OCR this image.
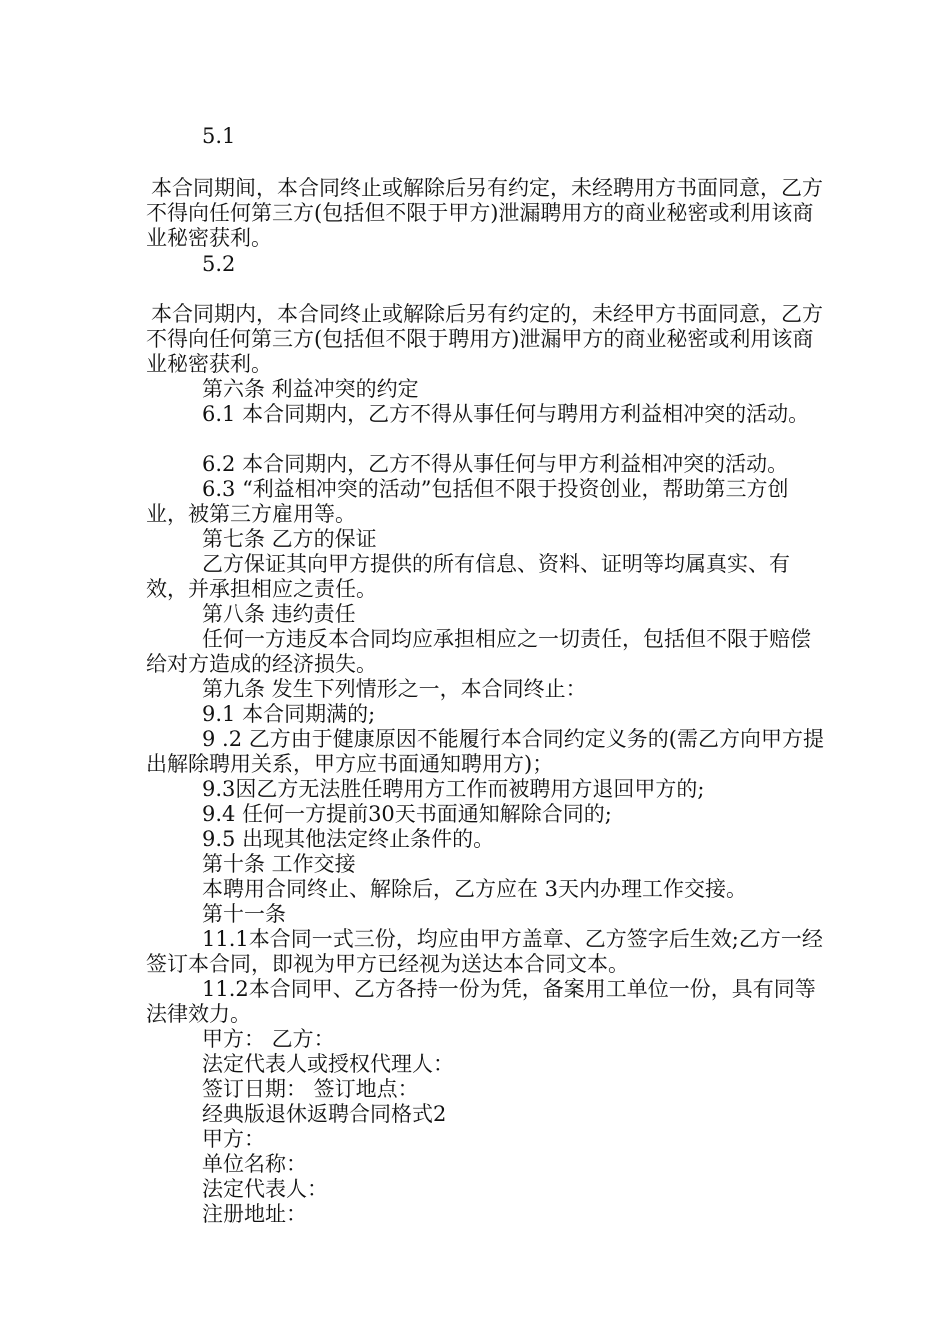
5.1

本合同期间，本合同终止或解除后另有约定，未经聘用方书面同意，乙方不得向任何第三方(包括但不限于甲方)泄漏聘用方的商业秘密或利用该商业秘密获利。

5.2

本合同期内，本合同终止或解除后另有约定的，未经甲方书面同意，乙方不得向任何第三方(包括但不限于聘用方)泄漏甲方的商业秘密或利用该商业秘密获利。

第六条 利益冲突的约定

6.1 本合同期内，乙方不得从事任何与聘用方利益相冲突的活动。

6.2 本合同期内，乙方不得从事任何与甲方利益相冲突的活动。

6.3 “利益相冲突的活动”包括但不限于投资创业，帮助第三方创业，被第三方雇用等。

第七条 乙方的保证

乙方保证其向甲方提供的所有信息、资料、证明等均属真实、有效，并承担相应之责任。

第八条 违约责任

任何一方违反本合同均应承担相应之一切责任，包括但不限于赔偿给对方造成的经济损失。

第九条 发生下列情形之一，本合同终止：

9.1 本合同期满的;

9 .2 乙方由于健康原因不能履行本合同约定义务的(需乙方向甲方提出解除聘用关系，甲方应书面通知聘用方)；

9.3因乙方无法胜任聘用方工作而被聘用方退回甲方的;

9.4 任何一方提前30天书面通知解除合同的;

9.5 出现其他法定终止条件的。

第十条 工作交接

本聘用合同终止、解除后，乙方应在 3天内办理工作交接。

第十一条

11.1本合同一式三份，均应由甲方盖章、乙方签字后生效;乙方一经签订本合同，即视为甲方已经视为送达本合同文本。

11.2本合同甲、乙方各持一份为凭，备案用工单位一份，具有同等法律效力。

甲方： 乙方：

法定代表人或授权代理人：

签订日期： 签订地点：

经典版退休返聘合同格式2

甲方：

单位名称：

法定代表人：

注册地址：
